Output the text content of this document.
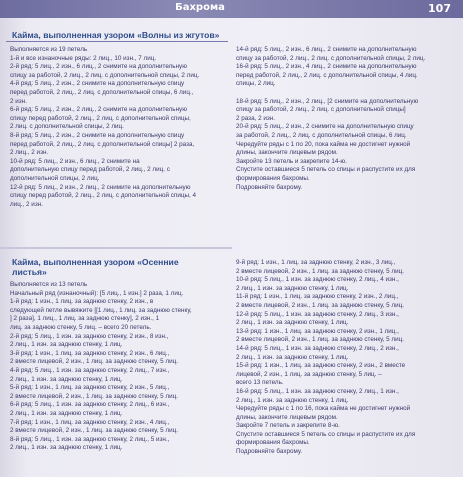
Бахрома	107
Кайма, выполненная узором «Волны из жгутов»

Выполняется из 19 петель

1-й и все изнаночные ряды: 2 лиц., 10 изн., 7 лиц.

2-й ряд: 5 лиц., 2 изн., 6 лиц., 2 снимите на дополнительную

спицу за работой, 2 лиц., 2 лиц. с дополнительной спицы, 2 лиц.

4-й ряд: 5 лиц., 2 изн., 2 снимите на дополнительную спицу

перед работой, 2 лиц., 2 лиц. с дополнительной спицы, 6 лиц.,

2 изн.

6-й ряд: 5 лиц., 2 изн., 2 лиц., 2 снимите на дополнительную

спицу перед работой, 2 лиц., 2 лиц. с дополнительной спицы,

2 лиц. с дополнительной спицы, 2 лиц.

8-й ряд: 5 лиц., 2 изн., 2 снимите на дополнительную спицу

перед работой, 2 лиц., 2 лиц. с дополнительной спицы] 2 раза,

2 лиц., 2 изн.

10-й ряд: 5 лиц., 2 изн., 6 лиц., 2 снимите на

дополнительную спицу перед работой, 2 лиц., 2 лиц. с

дополнительной спицы, 2 лиц.

12-й ряд: 5 лиц., 2 изн., 2 лиц., 2 снимите на дополнительную

спицу перед работой, 2 лиц., 2 лиц. с дополнительной спицы, 4

лиц., 2 изн.

14-й ряд: 5 лиц., 2 изн., 6 лиц., 2 снимите на дополнительную

спицу за работой, 2 лиц., 2 лиц. с дополнительной спицы, 2 лиц.

16-й ряд: 5 лиц., 2 изн., 4 лиц., 2 снимите на дополнительную

перед работой, 2 лиц., 2 лиц. с дополнительной спицы, 4 лиц.

спицы, 2 лиц.

18-й ряд: 5 лиц., 2 изн., 2 лиц., [2 снимите на дополнительную

спицу за работой, 2 лиц., 2 лиц. с дополнительной спицы]

2 раза, 2 изн.

20-й ряд: 5 лиц., 2 изн., 2 снимите на дополнительную спицу

за работой, 2 лиц., 2 лиц. с дополнительной спицы, 6 лиц.

Чередуйте ряды с 1 по 20, пока кайма не достигнет нужной

длины, закончите лицевым рядом.

Закройте 13 петель и закрепите 14-ю.

Спустите оставшиеся 5 петель со спицы и распустите их для

формирования бахромы.

Подровняйте бахрому.

Кайма, выполненная узором «Осенние листья»

Выполняется из 13 петель

Начальный ряд (изнаночный): [5 лиц., 1 изн.] 2 раза, 1 лиц.

1-й ряд: 1 изн., 1 лиц. за заднюю стенку, 2 изн., в

следующей петле вывяжите [[1 лиц., 1 лиц. за заднюю стенку,

] 2 раза], 1 лиц., 1 лиц. за заднюю стенку], 2 изн., 1

лиц. за заднюю стенку, 5 лиц. – всего 20 петель.

2-й ряд: 5 лиц., 1 изн. за заднюю стенку, 2 изн., 8 изн.,

2 лиц., 1 изн. за заднюю стенку, 1 лиц.

3-й ряд: 1 изн., 1 лиц. за заднюю стенку, 2 изн., 6 лиц.,

2 вместе лицевой, 2 изн., 1 лиц. за заднюю стенку, 5 лиц.

4-й ряд: 5 лиц., 1 изн. за заднюю стенку, 2 лиц., 7 изн.,

2 лиц., 1 изн. за заднюю стенку, 1 лиц.

5-й ряд: 1 изн., 1 лиц. за заднюю стенку, 2 изн., 5 лиц.,

2 вместе лицевой, 2 изн., 1 лиц. за заднюю стенку, 5 лиц.

6-й ряд: 5 лиц., 1 изн. за заднюю стенку, 2 лиц., 6 изн.,

2 лиц., 1 изн. за заднюю стенку, 1 лиц.

7-й ряд: 1 изн., 1 лиц. за заднюю стенку, 2 изн., 4 лиц.,

2 вместе лицевой, 2 изн., 1 лиц. за заднюю стенку, 5 лиц.

8-й ряд: 5 лиц., 1 изн. за заднюю стенку, 2 лиц., 5 изн.,

2 лиц., 1 изн. за заднюю стенку, 1 лиц.

9-й ряд: 1 изн., 1 лиц. за заднюю стенку, 2 изн., 3 лиц.,

2 вместе лицевой, 2 изн., 1 лиц. за заднюю стенку, 5 лиц.

10-й ряд: 5 лиц., 1 изн. за заднюю стенку, 2 лиц., 4 изн.,

2 лиц., 1 изн. за заднюю стенку, 1 лиц.

11-й ряд: 1 изн., 1 лиц. за заднюю стенку, 2 изн., 2 лиц.,

2 вместе лицевой, 2 изн., 1 лиц. за заднюю стенку, 5 лиц.

12-й ряд: 5 лиц., 1 изн. за заднюю стенку, 2 лиц., 3 изн.,

2 лиц., 1 изн. за заднюю стенку, 1 лиц.

13-й ряд: 1 изн., 1 лиц. за заднюю стенку, 2 изн., 1 лиц.,

2 вместе лицевой, 2 изн., 1 лиц. за заднюю стенку, 5 лиц.

14-й ряд: 5 лиц., 1 изн. за заднюю стенку, 2 лиц., 2 изн.,

2 лиц., 1 изн. за заднюю стенку, 1 лиц.

15-й ряд: 1 изн., 1 лиц. за заднюю стенку, 2 изн., 2 вместе

лицевой, 2 изн., 1 лиц. за заднюю стенку, 5 лиц. –

всего 13 петель.

16-й ряд: 5 лиц., 1 изн. за заднюю стенку, 2 лиц., 1 изн.,

2 лиц., 1 изн. за заднюю стенку, 1 лиц.

Чередуйте ряды с 1 по 16, пока кайма не достигнет нужной

длины, закончите лицевым рядом.

Закройте 7 петель и закрепите 8-ю.

Спустите оставшиеся 5 петель со спицы и распустите их для

формирования бахромы.

Подровняйте бахрому.
